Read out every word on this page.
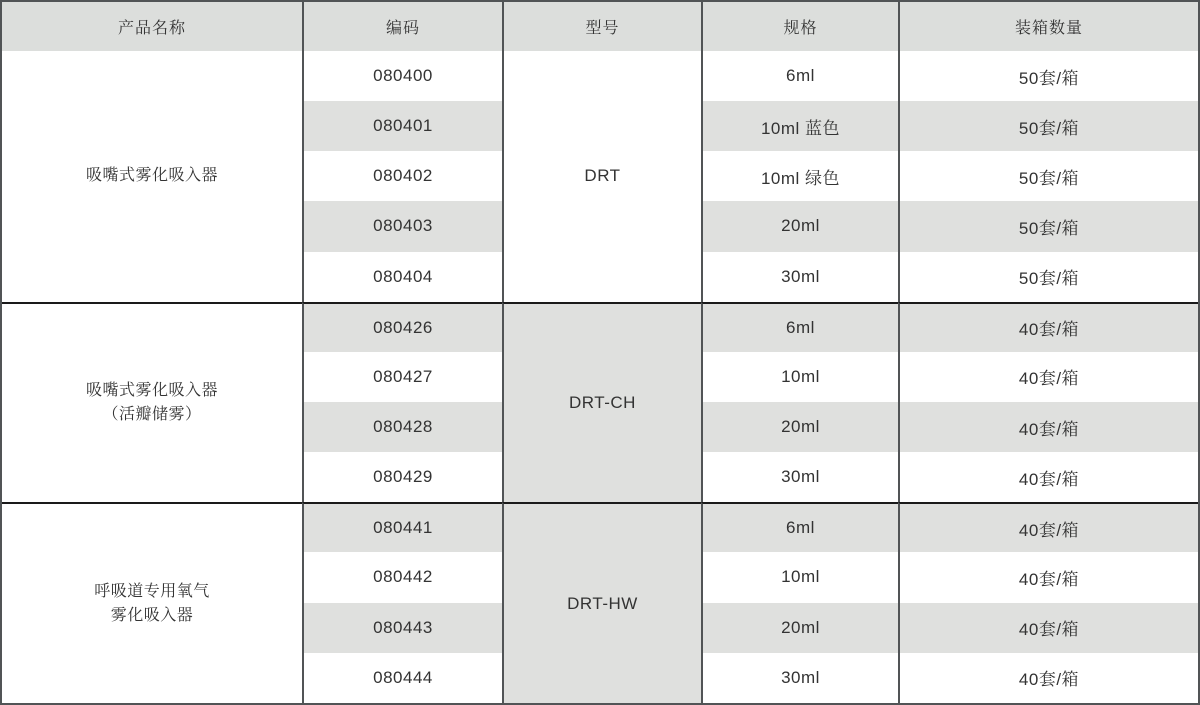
产品名称	编码	型号	规格	装箱数量

吸嘴式雾化吸入器	080400	DRT	6ml	50套/箱
	080401		10ml 蓝色	50套/箱
	080402		10ml 绿色	50套/箱
	080403		20ml	50套/箱
	080404		30ml	50套/箱

吸嘴式雾化吸入器
（活瓣储雾）	080426	DRT-CH	6ml	40套/箱
	080427		10ml	40套/箱
	080428		20ml	40套/箱
	080429		30ml	40套/箱

呼吸道专用氧气
雾化吸入器	080441	DRT-HW	6ml	40套/箱
	080442		10ml	40套/箱
	080443		20ml	40套/箱
	080444		30ml	40套/箱
